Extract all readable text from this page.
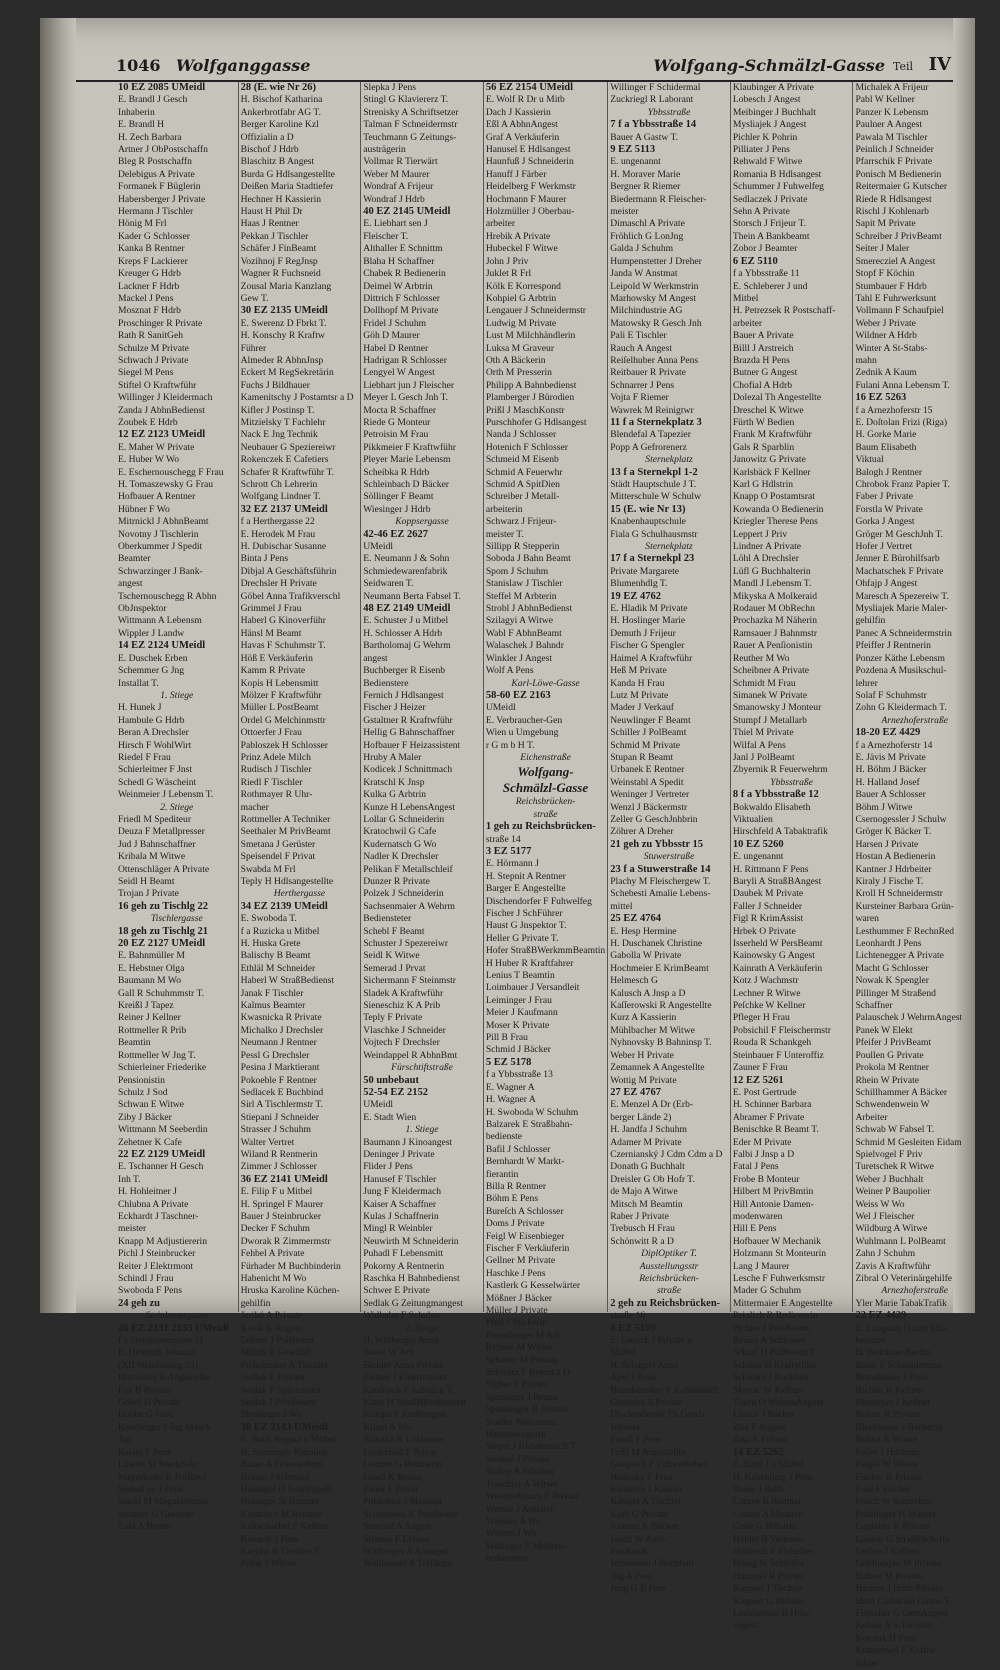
1046 Wolfganggasse	Wolfgang-Schmälzl-Gasse Teil IV
10 EZ 2085 UMeidl
E. Brandl J Gesch
Inhaberin
E. Brandl H
H. Zech Barbara
Artner J ObPostschaffn
Bleg R Postschaffn
Delebigus A Private
Formanek F Büglerin
Habersberger J Private
Hermann J Tischler
Hönig M Frl
Kader G Schlosser
Kanka B Rentner
Kreps F Lackierer
Kreuger G Hdrb
Lackner F Hdrb
Mackel J Pens
Mosznat F Hdrb
Proschinger R Private
Rath R SanitGeh
Schulze M Private
Schwach J Private
Siegel M Pens
Stiftel O Kraftwführ
Willinger J Kleidermach
Zanda J AbhnBedienst
Zoubek E Hdrb
12 EZ 2123 UMeidl
E. Maher W Private
E. Huber W Wo
E. Eschernouschegg F Frau
H. Tomaszewsky G Frau
Hofbauer A Rentner
Hübner F Wo
Mitrnickl J AbhnBeamt
Novotny J Tischlerin
Oberkummer J Spedit
Beamter
Schwarzinger J Bank-
angest
Tschernouschegg R Abhn
ObJnspektor
Wittmann A Lebensm
Wippler J Landw
14 EZ 2124 UMeidl
E. Duschek Erben
Schemmer G Jng
Installat T.
1. Stiege
H. Hunek J
Hambule G Hdrb
Beran A Drechsler
Hirsch F WohlWirt
Riedel F Frau
Schierleitner F Jnst
Schedl G Wäscheint
Weinmeier J Lebensm T.
2. Stiege
Friedl M Spediteur
Deuza F Metallpresser
Jud J Bahnschaffner
Kribala M Witwe
Ottenschläger A Private
Seidl H Beamt
Trojan J Private
16 geh zu Tischlg 22
Tischlergasse
18 geh zu Tischlg 21
20 EZ 2127 UMeidl
E. Bahnmüller M
E. Hebstner Olga
Baumann M Wo
Gall R Schuhmmstr T.
Kreißl J Tapez
Reiner J Kellner
Rottmeller R Prib
Beamtin
Rottmeller W Jng T.
Schierleiner Friederike
Pensionistin
Schulz J Sod
Schwan E Witwe
Ziby J Bäcker
Wittmann M Seeberdin
Zehetner K Cafe
22 EZ 2129 UMeidl
E. Tschanner H Gesch
Inh T.
H. Hohleitner J
Chlubna A Private
Eckhardt J Taschner-
meister
Knapp M Adjustiererin
Pichl J Steinbrucker
Reiter J Elektrmont
Schindl J Frau
Swoboda F Pens
24 geh zu
Steinbauergasse
26 EZ 2131 2133 UMeidl
f a Steinbauergasse 21
E. Heinrich Johanna
(XII Steinbauerg 23)
Blazowitz R Angestellte
Fux B Private
Göbel H Private
Hobbe G Frau
Kainberger J Jng Masch
Jng
Kaiser F Pens
Löschs M SeerbSekr
Mayerhofer R PolRevJ
Semeß on J Pens
Starkl M Magazineurin
Stofmer G Gesindet
Zahl A Beamt
28 (E. wie Nr 26)
H. Bischof Katharina
Ankerbrotfabr AG T.
Berger Karoline Kzl
Offizialin a D
Bischof J Hdrb
Blaschitz B Angest
Burda G Hdlsangestellte
Deißen Maria Stadtiefer
Hechner H Kassierin
Haust H Phil Dr
Haas J Rentner
Pekkan J Tischler
Schäfer J FinBeamt
Vozihnoj F RegJnsp
Wagner R Fuchsneid
Zousal Maria Kanzlang
Gew T.
30 EZ 2135 UMeidl
E. Swerenz D Fbrkt T.
H. Konschy R Kraftw
Führer
Almeder R AbhnJnsp
Eckert M RegSekretärin
Fuchs J Bildhauer
Kamenitschy J Postamtsr a D
Kifler J Postinsp T.
Mitzielsky T Fachlehr
Nack E Jng Technik
Neubauer G Speziereiwr
Rokenczek E Cafetiers
Schafer R Kraftwführ T.
Schrott Ch Lehrerin
Wolfgang Lindner T.
32 EZ 2137 UMeidl
f a Herthergasse 22
E. Herodek M Frau
H. Dubischar Susanne
Binta J Pens
Dibjal A Geschäftsführin
Drechsler H Private
Göbel Anna Trafikverschl
Grimmel J Frau
Haberl G Kinoverführ
Hänsl M Beamt
Havas F Schuhmstr T.
Höß E Verkäuferin
Kamm R Private
Kopis H Lebensmitt
Mölzer F Kraftwführ
Müller L PostBeamt
Ordel G Melchinmsttr
Ottoerfer J Frau
Pabloszek H Schlosser
Prinz Adele Milch
Rudisch J Tischler
Riedl F Tischler
Rothmayer R Uhr-
macher
Rottmeller A Techniker
Seethaler M PrivBeamt
Smetana J Gerüster
Speisendel F Privat
Swabda M Frl
Teply H Hdlsangestellte
Herthergasse
34 EZ 2139 UMeidl
E. Swoboda T.
f a Ruzicka u Mitbel
H. Huska Grete
Balischy B Beamt
Ethläl M Schneider
Haberl W StraßBedienst
Janak F Tischler
Kalmus Beamter
Kwasnicka R Private
Michalko J Drechsler
Neumann J Rentner
Pessl G Drechsler
Pesina J Marktierant
Pokoeble F Rentner
Sedlacek E Buchbind
Sirl A Tischlermstr T.
Stiepani J Schneider
Strasser J Schuhm
Walter Vertret
Wiland R Rentnerin
Zimmer J Schlosser
36 EZ 2141 UMeidl
E. Filip F u Mitbel
H. Springel F Maurer
Bauer J Steinbrucker
Decker F Schuhm
Dworak R Zimmermstr
Fehbel A Private
Fürhader M Buchbinderin
Habenicht M Wo
Hruska Karoline Küchen-
gehilfin
Jerikó A Private
Kosik K Angest
Lehner J PolBeamt
Mitich R Geschäft
Pichelmaier A Tischler
Sedlak E Private
Sedlak F Spirituosen
Sedlak J PrivBeamt
Strebinger J Wo
38 EZ 2143 UMeidl
E. Buck Regina u Mitbel
H. Sterzinger Karoline
Bauer A Feuerwehrm
Hornel J Schmied
Huinagel D Schriftgießr
Huinagel St Rentner
Kindrisch M Rentner
Kaltschachel F Kellner
Kovarik J Pens
Krejiha R Tischler T.
Polak J Witwe
Slepka J Pens
Stingl G Klaviererz T.
Strenisky A Schriftsetzer
Talman F Schneidermstr
Teuchmann G Zeitungs-
austrägerin
Vollmar R Tierwärt
Weber M Maurer
Wondraf A Frijeur
Wondraf J Hdrb
40 EZ 2145 UMeidl
E. Liebhart sen J
Fleischer T.
Althaller E Schnittm
Blaha H Schaffner
Chabek R Bedienerin
Deimel W Arbtrin
Dittrich F Schlosser
Dollhopf M Private
Fridel J Schuhm
Göh D Maurer
Habel D Rentner
Hadrigan R Schlosser
Lengyel W Angest
Liebhart jun J Fleischer
Meyer L Gesch Jnh T.
Mocta R Schaffner
Riede G Monteur
Petroisin M Frau
Pikkmeier F Kraftwführ
Pleyer Marie Lebensm
Scheibka R Hdrb
Schleinbach D Bäcker
Söllinger F Beamt
Wiesinger J Hdrb
Koppsergasse
42-46 EZ 2627
UMeidl
E. Neumann J & Sohn
Schmiedewarenfabrik
Seidwaren T.
Neumann Berta Fabsel T.
48 EZ 2149 UMeidl
E. Schuster J u Mitbel
H. Schlosser A Hdrb
Bartholomaj G Wehrm
angest
Buchberger R Eisenb
Bedienstere
Fernich J Hdlsangest
Fischer J Heizer
Gstaltner R Kraftwführ
Hellig G Bahnschaffner
Hofbauer F Heizassistent
Hruby A Maler
Kodicek J Schnittmach
Kratschl K Jnsp
Kulka G Arbtrin
Kunze H LebensAngest
Lollar G Schneiderin
Kratochwil G Cafe
Kudernatsch G Wo
Nadler K Drechsler
Pelikan F Metallschleif
Dunzer R Private
Polzek J Schneiderin
Sachsenmaier A Wehrm
Bediensteter
Schebl F Beamt
Schuster J Spezereiwr
Seidl K Witwe
Semerad J Prvat
Sichermann F Steinmstr
Sladek A Kraftwführ
Sieneschiz K A Prib
Teply F Private
Vlaschke J Schneider
Vojtech F Drechsler
Weindappel R AbhnBmt
Fürschtiftstraße
50 unbebaut
52-54 EZ 2152
UMeidl
E. Stadt Wien
1. Stiege
Baumann J Kinoangest
Deninger J Private
Flider J Pens
Hanusef F Tischler
Jung F Kleidermach
Kaiser A Schaffner
Kulas J Schaffnerin
Mingl R Weinbler
Neuwirth M Schneiderin
Puhadl F Lebensmitt
Pokorny A Rentnerin
Raschka H Bahnbedienst
Schwer E Private
Sedlak G Zeitungmangest
Widhalm F Schuhm
2. Stiege
H. Wittberger Anna
Bauer W Arb
Bichler Anna Private
Elstner J Elektromont
Kaufrisch F JuStallat T.
Klam H StraßBBedienstetr
Kraupa F Kraftangest
Krizel A Wo
Krautka K Lokheizer
Leiderhild F Privat
Lemme G Rentnerin
Lendl K Beamt
Pauer F Privat
Pobbabka J Monteur
Schmrosek K PrivBeamt
Smetzal A Angest
Stimms F Lenker
Wittberger A Amtsgeh
Wollhauser A Trafikant
56 EZ 2154 UMeidl
E. Wolf R Dr u Mitb
Dach J Kassierin
Eßl A AbhnAngest
Graf A Verkäuferin
Hanusel E Hdlsangest
Haunfuß J Schneiderin
Hanuff J Färber
Heidelberg F Werkmstr
Hochmann F Maurer
Holzmüller J Oberbau-
arbeiter
Hrebik A Private
Hubeckel F Witwe
John J Priv
Juklet R Frl
Kölk E Korrespond
Kohpiel G Arbtrin
Lengauer J Schneidermstr
Ludwig M Private
Lust M Milchhändlerin
Luksa M Graveur
Oth A Bäckerin
Orth M Presserin
Philipp A Bahnbedienst
Plamberger J Bürodien
Prißl J MaschKonstr
Purschhofer G Hdlsangest
Nanda J Schlosser
Hotenich F Schlosser
Schmeid M Eisenb
Schmid A Feuerwhr
Schmid A SpitDien
Schreiber J Metall-
arbeiterin
Schwarz J Frijeur-
meister T.
Sillipp R Stepperin
Soboda J Bahn Beamt
Spom J Schuhm
Stanislaw J Tischler
Steffel M Arbterin
Strobl J AbhnBedienst
Szilagyi A Witwe
Wabl F AbhnBeamt
Walaschek J Bahndr
Winkler J Angest
Wolf A Pens
Karl-Löwe-Gasse
58-60 EZ 2163
UMeidl
E. Verbraucher-Gen
Wien u Umgebung
r G m b H T.
Eichenstraße
Wolfgang-
Schmälzl-Gasse
Reichsbrücken-
straße
1 geh zu Reichsbrücken-
straße 14
3 EZ 5177
E. Hörmann J
H. Stepnit A Rentner
Barger E Angestellte
Dischendorfer F Fuhwelfeg
Fischer J SchFührer
Haust G Jnspektor T.
Heller G Private T.
Hofer StraßBWerkmmBeamtin
H Huber R Kraftfahrer
Lenius T Beamtin
Loimbauer J Versandleit
Leiminger J Frau
Meier J Kaufmann
Moser K Private
Pill B Frau
Schmid J Bäcker
5 EZ 5178
f a Ybbsstraße 13
E. Wagner A
H. Wagner A
H. Swoboda W Schuhm
Balzarek E Straßbahn-
bedienste
Bafil J Schlosser
Bernhardt W Markt-
fierantin
Billa R Rentner
Böhm E Pens
Bureſch A Schlosser
Doms J Private
Feigl W Eisenbieger
Fischer F Verkäuferin
Gellner M Private
Haschke J Pens
Kastlerk G Kesselwärter
Mößner J Bäcker
Müller J Private
Pfeil J Stickerin
Preissberger M Arb
Richter M Witwe
Schober M Private
Schwarz F Beamt a D
Sigher E Private
Spanniger J Beamt
Spanninger R Private
Stadler Philomena
Hausbesorgerin
Stepet J Kleidermach T.
Stroner J Private
Szalay A Schuhm
Traschler A Witwe
Weichselbaum F Private
Werner J Arbeiter
Wiesner A Wo
Wittern J Wo
Willinger F Mollerei-
bedienstete
Willinger F Schidermal
Zuckriegl R Laborant
Ybbsstraße
7 f a Ybbsstraße 14
Bauer A Gastw T.
9 EZ 5113
E. ungenannt
H. Moraver Marie
Bergner R Riemer
Biedermann R Fleischer-
meister
Dimaschl A Private
Fröhlich G LonJng
Galda J Schuhm
Humpenstetter J Dreher
Janda W Anstmat
Leipold W Werkmstrin
Marhowsky M Angest
Milchindustrie AG
Matowsky R Gesch Jnh
Pali E Tischler
Rauch A Angest
Reiſelhuber Anna Pens
Reitbauer R Private
Schnarrer J Pens
Vojta F Riemer
Wawrek M Reinigtwr
11 f a Sternekplatz 3
Blendefal A Tapezier
Popp A Gefrorenerz
Sternekplatz
13 f a Sternekpl 1-2
Städt Hauptschule J T.
Mitterschule W Schulw
15 (E. wie Nr 13)
Knabenhauptschule
Fiala G Schulhausmstr
Sternekplatz
17 f a Sternekpl 23
Private Margarete
Blumenhdlg T.
19 EZ 4762
E. Hladik M Private
H. Hoslinger Marie
Demuth J Frijeur
Fischer G Spengler
Haimel A Kraftwführ
Heß M Private
Kanda H Frau
Lutz M Private
Mader J Verkauf
Neuwlinger F Beamt
Schiller J PolBeamt
Schmid M Private
Stupan R Beamt
Urbanek E Rentner
Weinstabl A Spedit
Weninger J Vertreter
Wenzl J Bäckermstr
Zeller G GeschJnhbrin
Zöhrer A Dreher
21 geh zu Ybbsstr 15
Stuwerstraße
23 f a Stuwerstraße 14
Plachy M Fleischergew T.
Schebesti Amalie Lebens-
mittel
25 EZ 4764
E. Hesp Hermine
H. Duschanek Christine
Gabolla W Private
Hochmeier E KrimBeamt
Helmesch G
Kalusch A Jnsp a D
Kaſſerowski R Angestellte
Kurz A Kassierin
Mühlbacher M Witwe
Nyhnovsky B Bahninsp T.
Weber H Private
Zemannek A Angestellte
Wottig M Private
27 EZ 4767
E. Menzel A Dr (Erb-
berger Lände 2)
H. Jandfa J Schuhm
Adamer M Private
Czernianský J Cdm Cdm a D
Donath G Buchhalt
Dreisler G Ob Hofr T.
de Majo A Witwe
Mitsch M Beamtin
Raber J Private
Trebusch H Frau
Schönwitt R a D
DiplOptiker T.
Ausstellungsstr
Reichsbrücken-
straße
2 geh zu Reichsbrücken-
straße 16
4 EZ 5109
E. Girisch J Private u
Mitbel
H. Schagerl Anna
Apel J Pens
Brandstaedter F Kohlehändl
Chudoba A Private
Dischendorfer Th Gesch
Jnhaber
Friedl F Pens
Frißl M Angestellte
Gaupisch F Fuhwerksbes
Hodosky F Frau
Kanderle J Kassier
Kasiger A Tischler
Kolb G Private
Kramer K Bäcker
Janda W Auto-
mechanik
Jennewein J Buchhalt
Jilg A Pens
Jung G E Pens
Klaubinger A Private
Lobesch J Angest
Meibinger J Buchhalt
Mysliajek J Angest
Pichler K Pohrin
Pilliater J Pens
Rehwald F Witwe
Romania B Hdlsangest
Schummer J Fuhwelfeg
Sedlaczek J Private
Sehn A Private
Storsch J Frijeur T.
Thein A Bankbeamt
Zobor J Beamter
6 EZ 5110
f a Ybbsstraße 11
E. Schleberer J und
Mitbel
H. Petrezsek R Postschaff-
arbeiter
Bauer A Private
Billl J Arstreich
Brazda H Pens
Butner G Angest
Chofial A Hdrb
Dolezal Th Angestellte
Dreschel K Witwe
Fürth W Bedien
Frank M Kraftwführ
Gals R Sparblin
Janowitz G Private
Karlsbäck F Kellner
Karl G Hdlstrin
Knapp O Postamtsrat
Kowanda O Bedienerin
Kriegler Therese Pens
Leppert J Priv
Lindner A Private
Löhl A Drechsler
Lüfl G Buchhalterin
Mandl J Lebensm T.
Mikyska A Molkeraid
Rodauer M ObRechn
Prochazka M Näherin
Ramsauer J Bahnmstr
Rauer A Penſionistin
Reuther M Wo
Scheibner A Private
Schmidt M Frau
Simanek W Private
Smanowsky J Monteur
Stumpf J Metallarb
Thiel M Private
Wilfal A Pens
Janl J PolBeamt
Zbyernik R Feuerwehrm
Ybbsstraße
8 f a Ybbsstraße 12
Bokwaldo Elisabeth
Viktualien
Hirschfeld A Tabaktrafik
10 EZ 5260
E. ungenannt
H. Rittmann F Pens
Baryli A StraßBAngest
Daubek M Private
Faller J Schneider
Figl R KrimAssist
Hrbek O Private
Isserheld W PersBeamt
Kainowsky G Angest
Kainrath A Verkäuferin
Kotz J Wachmstr
Lechner R Witwe
Peſchke W Kellner
Pfleger H Frau
Pobsichil F Fleischermstr
Rouda R Schankgeh
Steinbauer F Unteroffiz
Zauner F Frau
12 EZ 5261
E. Post Gertrude
H. Schinner Barbara
Abramer F Private
Benischke R Beamt T.
Eder M Private
Falbi J Jnsp a D
Fatal J Pens
Frobe B Monteur
Hilbert M PrivBmtin
Hill Antonie Damen-
modenwaren
Hill E Pens
Hofbauer W Mechanik
Holzmann St Monteurin
Lang J Maurer
Lesche F Fuhwerksmstr
Mader G Schuhm
Mittermaier E Angestellte
Peinlich R Bedienerin
Pichler J PrivBeamt
Reiner A Schlosser
Scharf H PolBeamt T.
Schiner H Kraftwführ
Schwarz J Buchhalt
Skovac W Kellner
Thurn O WehrmAngest
Uhlich J Bäcker
Zira F Angest
Zika E Friseur
14 EZ 5262
E. Bartl J u Mitbel
H. Kahenberg J Pens
Bauer J Hdrb
Carave R Rentner
Ganzel A Monteur
Galle G Hdlstrin
Halder B Vertreter
Hohleich F Fleischer
Hönig St Schloſſer
Hummel R Private
Kaupert J Tischler
Kaupert G Rilhahr
Laubheimer R Hdls-
angest
Michalek A Frijeur
Pabl W Kellner
Panzer K Lebensm
Paulner A Angest
Pawala M Tischler
Peinlich J Schneider
Pfarrschik F Private
Ponisch M Bedienerin
Reitermaier G Kutscher
Riede R Hdlsangest
Rischl J Kohlenarb
Sapit M Private
Schreiber J PrivBeamt
Seiter J Maler
Smerecziel A Angest
Stopf F Köchin
Stumbauer F Hdrb
Tahl E Fuhrwerksunt
Vollmann F Schaufpiel
Weber J Private
Wildner A Hdrb
Winter A St-Stabs-
mahn
Zednik A Kaum
Fulani Anna Lebensm T.
16 EZ 5263
f a Arnezhoferstr 15
E. Doſtolan Frizi (Riga)
H. Gorke Marie
Baum Elisabeth
Viktual
Balogh J Rentner
Chrobok Franz Papier T.
Faber J Private
Forstla W Private
Gorka J Angest
Gröger M GeschJnh T.
Hofer J Vertret
Jenner E Bürohilfsarb
Machatschek F Private
Ohfajp J Angest
Maresch A Spezereiw T.
Mysliajek Marie Maler-
gehilfin
Panec A Schneidermstrin
Pfeiffer J Rentnerin
Ponzer Käthe Lebensm
Pozdena A Musikschul-
lehrer
Solaf F Schuhmstr
Zohn G Kleidermach T.
Arnezhoferstraße
18-20 EZ 4429
f a Arnezhoferstr 14
E. Jävis M Private
H. Böhm J Bäcker
H. Halland Josef
Bauer A Schlosser
Böhm J Witwe
Csernogessler J Schulw
Gröger K Bäcker T.
Harsen J Private
Hostan A Bedienerin
Kantner J Hdrbeiter
Kiraly J Fische T.
Kroll H Schneidermstr
Kursteiner Barbara Grün-
waren
Lesthummer F RechnRed
Leonhardt J Pens
Lichtenegger A Private
Macht G Schlosser
Nowak K Spengler
Pillinger M Straßend
Schaffner
Palauschek J WehrmAngest
Panek W Elekt
Pfeifer J PrivBeamt
Poullen G Private
Prokola M Rentner
Rhein W Private
Schillhammer A Bäcker
Schwendenwein W
Arbeiter
Schwab W Fabsel T.
Schmid M Gesleiten Eidam
Spielvogel F Priv
Turetschek R Witwe
Weber J Buchhalt
Weiner P Baupolier
Weiss W Wo
Wel J Fleischer
Wildburg A Witwe
Wuhlmann L PolBeamt
Zahn J Schuhm
Zavis A Kraftwführ
Zibral O Veterinärgehilfe
Arnezhoferstraße
Yler Marie TabakTrafik
22 EZ 4429
E. Langsam O und Mit-
besitzer
H. Bruckner Bertha
Babis F Schneidermstr
Brandmaier J Pens
Bichler R Kellner
Blomeyer J Kellner
Brauer R Private
Blechbauer J Bäckerin
Bulant R Witwe
Feiler J Hdrbtrin
Feigel W Witwe
Fischer R Private
Fred F Fiſcher
Frisch St Schmelzer
Frühlinger H Maurer
Gaglatter R Private
Ganner G StraßbSchaffn
Gerber J Kellner
Goldhepper M Private
Hafner M Private
Hartner J Hdrb Private
Hartl Catharina Gastw T.
Fleischer G GemAngest
Kohler A Schweizer
Kovarik H Frau
Kratochwil F Kraftw
führer
